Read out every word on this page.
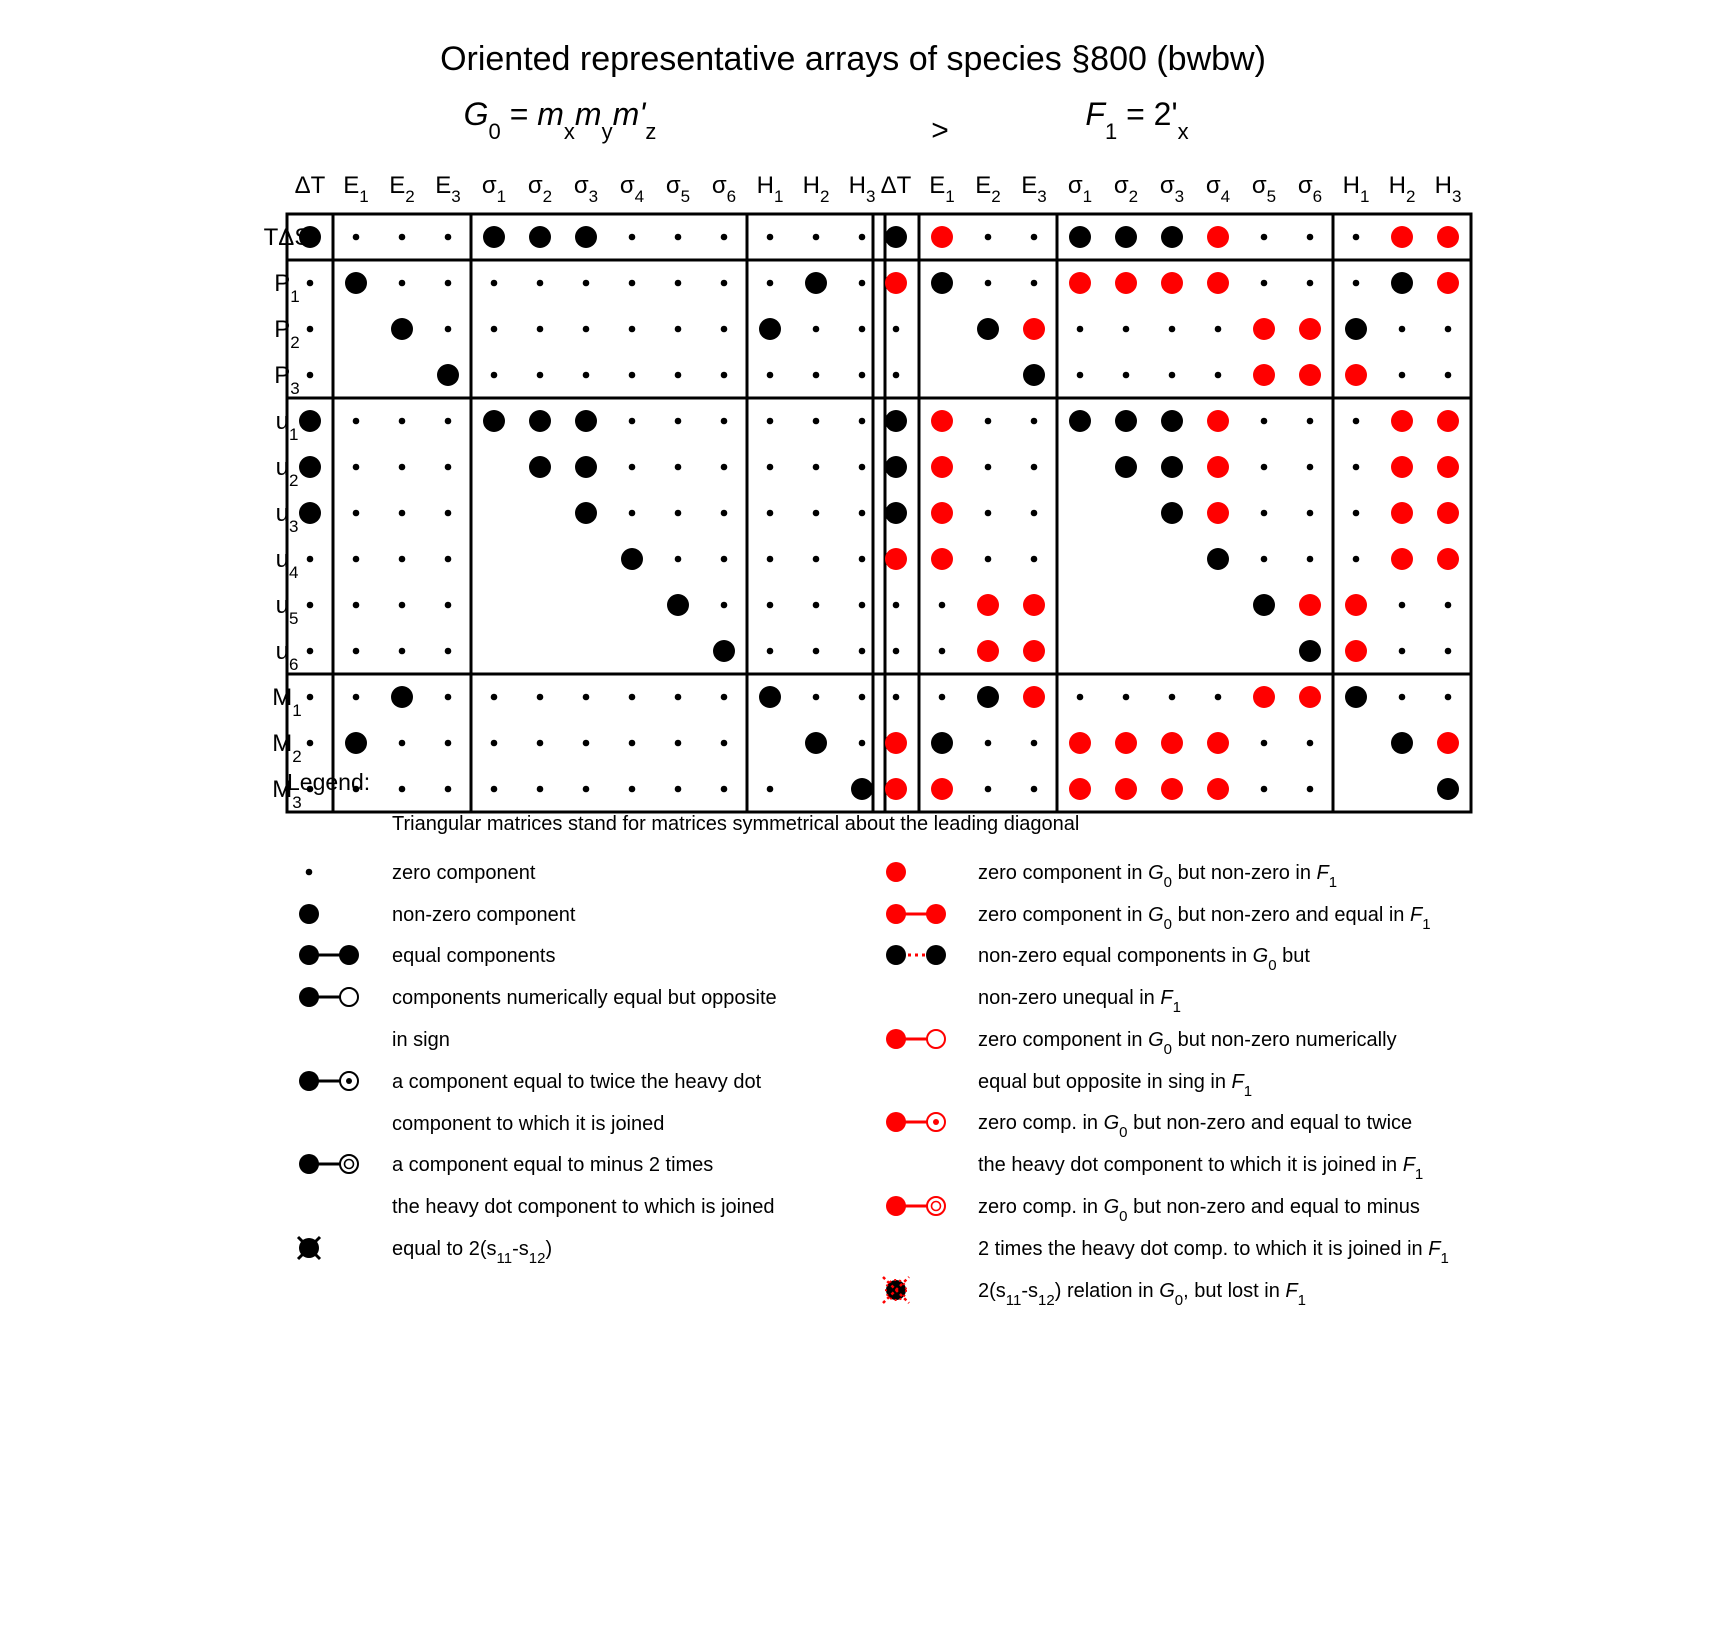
Oriented representative arrays of species §800 (bwbw)
>
ΔT $E_1$ $E_2$ $E_3$ $\sigma_1$ $\sigma_2$ $\sigma_3$ $\sigma_4$ $\sigma_5$ $\sigma_6$ $H_1$ $H_2$ $H_3$
TΔS
$P_1$
$P_2$
$P_3$
$u_1$
$u_2$
$u_3$
$u_4$
$u_5$
$u_6$
$M_1$
$M_2$
$M_3$
ΔT $E_1$ $E_2$ $E_3$ $\sigma_1$ $\sigma_2$ $\sigma_3$ $\sigma_4$ $\sigma_5$ $\sigma_6$ $H_1$ $H_2$ $H_3$
Legend:
Triangular matrices stand for matrices symmetrical about the leading diagonal
zero component
non-zero component
equal components
components numerically equal but opposite
in sign
a component equal to twice the heavy dot
component to which it is joined
a component equal to minus 2 times
the heavy dot component to which is joined
equal to $2(s_{11}-s_{12})$
zero component in $G_0$ but non-zero in $F_1$
zero component in $G_0$ but non-zero and equal in $F_1$
non-zero equal components in $G_0$ but
non-zero unequal in $F_1$
zero component in $G_0$ but non-zero numerically
equal but opposite in sing in $F_1$
zero comp. in $G_0$ but non-zero and equal to twice
the heavy dot component to which it is joined in $F_1$
zero comp. in $G_0$ but non-zero and equal to minus
2 times the heavy dot comp. to which it is joined in $F_1$
$2(s_{11}-s_{12})$ relation in $G_0$, but lost in $F_1$
$G_0 = m_xm_ym'_z$	$F_1 = 2'_x$
